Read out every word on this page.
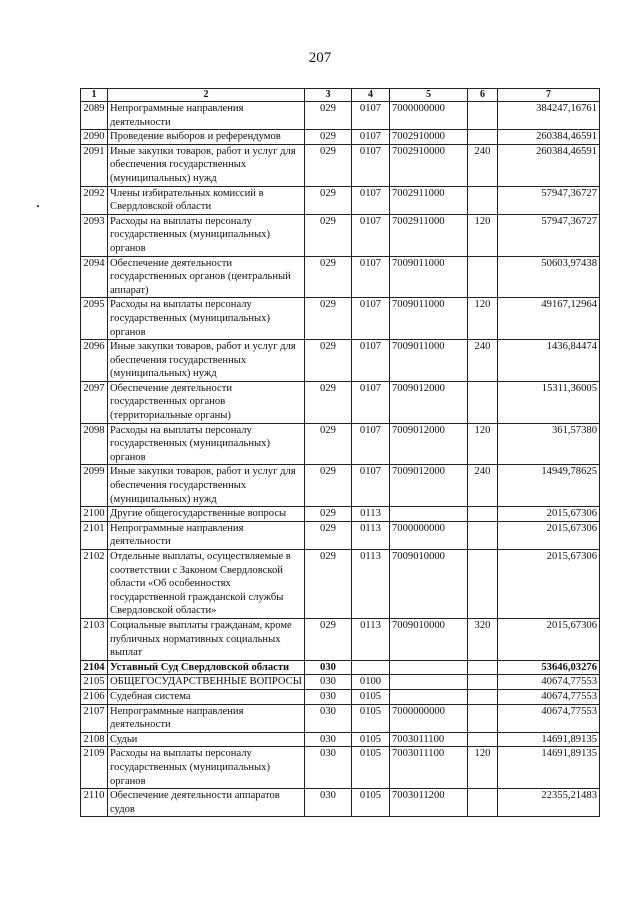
207
1	2	3	4	5	6	7
2089	Непрограммные направления деятельности	029	0107	7000000000		384247,16761
2090	Проведение выборов и референдумов	029	0107	7002910000		260384,46591
2091	Иные закупки товаров, работ и услуг для обеспечения государственных (муниципальных) нужд	029	0107	7002910000	240	260384,46591
2092	Члены избирательных комиссий в Свердловской области	029	0107	7002911000		57947,36727
2093	Расходы на выплаты персоналу государственных (муниципальных) органов	029	0107	7002911000	120	57947,36727
2094	Обеспечение деятельности государственных органов (центральный аппарат)	029	0107	7009011000		50603,97438
2095	Расходы на выплаты персоналу государственных (муниципальных) органов	029	0107	7009011000	120	49167,12964
2096	Иные закупки товаров, работ и услуг для обеспечения государственных (муниципальных) нужд	029	0107	7009011000	240	1436,84474
2097	Обеспечение деятельности государственных органов (территориальные органы)	029	0107	7009012000		15311,36005
2098	Расходы на выплаты персоналу государственных (муниципальных) органов	029	0107	7009012000	120	361,57380
2099	Иные закупки товаров, работ и услуг для обеспечения государственных (муниципальных) нужд	029	0107	7009012000	240	14949,78625
2100	Другие общегосударственные вопросы	029	0113			2015,67306
2101	Непрограммные направления деятельности	029	0113	7000000000		2015,67306
2102	Отдельные выплаты, осуществляемые в соответствии с Законом Свердловской области «Об особенностях государственной гражданской службы Свердловской области»	029	0113	7009010000		2015,67306
2103	Социальные выплаты гражданам, кроме публичных нормативных социальных выплат	029	0113	7009010000	320	2015,67306
2104	Уставный Суд Свердловской области	030				53646,03276
2105	ОБЩЕГОСУДАРСТВЕННЫЕ ВОПРОСЫ	030	0100			40674,77553
2106	Судебная система	030	0105			40674,77553
2107	Непрограммные направления деятельности	030	0105	7000000000		40674,77553
2108	Судьи	030	0105	7003011100		14691,89135
2109	Расходы на выплаты персоналу государственных (муниципальных) органов	030	0105	7003011100	120	14691,89135
2110	Обеспечение деятельности аппаратов судов	030	0105	7003011200		22355,21483
